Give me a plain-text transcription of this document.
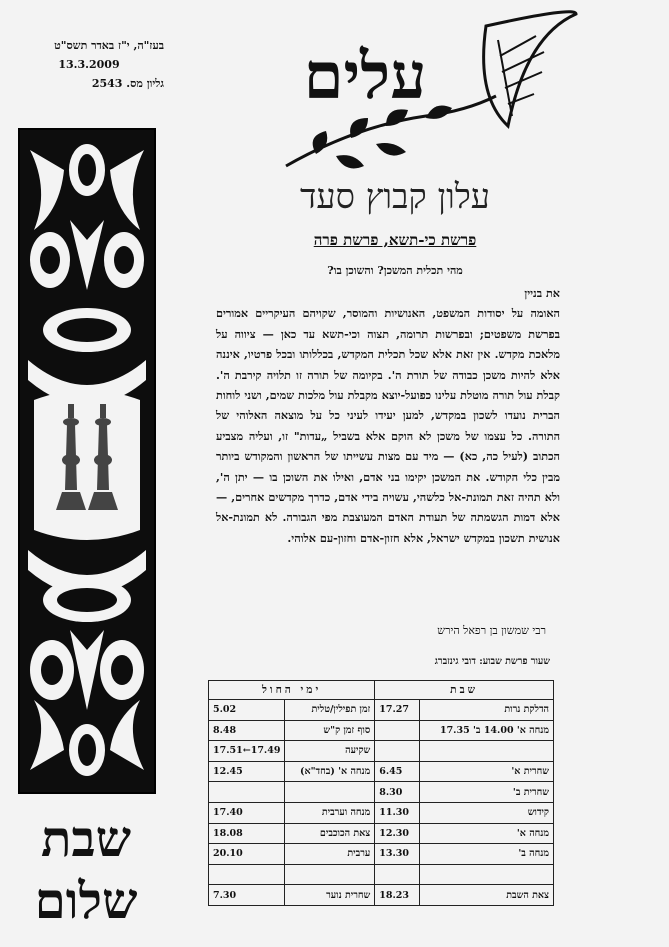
בעז"ה, י"ז באדר תשס"ט
13.3.2009
גליון מס. 2543
שבת
שלום
עלים
עלון קבוץ סעד
פרשת כי-תשא, פרשת פרה
מהי תכלית המשכן? והשוכן בו?
את בניין

האומה על יסודות המשפט, האנושיות והמוסר, שקויהם העיקריים אמורים בפרשת משפטים; ובפרשות תרומה, תצוה וכי-תשא עד כאן — ציווה על מלאכת מקדש. אין זאת אלא שכל תכלית המקדש, בכללותו ובכל פרטיו, איננה אלא להיות משכן כבודה של תורת ה'. בקיומה של תורה זו תלויה קירבת ה'. קבלת עול תורה מוטלת עלינו כפועל-יוצא מקבלת עול מלכות שמים, ושני לוחות הברית נועדו לשכון במקדש, למען יעידו לעיני כל על מוצאה האלוהי של התורה. כל עצמו של משכן לא הוקם אלא בשביל „עדות" זו, ועליה מצביע הכתוב (לעיל כה, כא) — מיד עם מצות עשייתו של הראשון והמקודש ביותר מבין כלי הקודש. את המשכן יקימו בני אדם, ואילו את השוכן בו — יתן ה', ולא תהיה זאת תמונת-אל כלשהי, עשויה בידי אדם, כדרך מקדשים אחרים, — אלא דמות הגשמתה של תעודת האדם המעוצבת מפי הגבורה. לא תמונת-אל אנושית תשכון במקדש ישראל, אלא חזון-אדם וחזון-עם אלוהי.

רבי שמשון בן רפאל הירש
שעור פרשת שבוע: דובי גינזברג
שבת		ימי החול	
הדלקת נרות	17.27	זמן תפילין/טלית	5.02
מנחה א' 14.00 ב' 17.35		סוף זמן ק"ש	8.48
		שקיעה	17.51←17.49
שחרית א'	6.45	מנחה א' (בחד"א)	12.45
שחרית ב'	8.30		
קידוש	11.30	מנחה וערבית	17.40
מנחה א'	12.30	צאת הכוכבים	18.08
מנחה ב'	13.30	ערבית	20.10

צאת השבת	18.23	שחרית נוער	7.30
